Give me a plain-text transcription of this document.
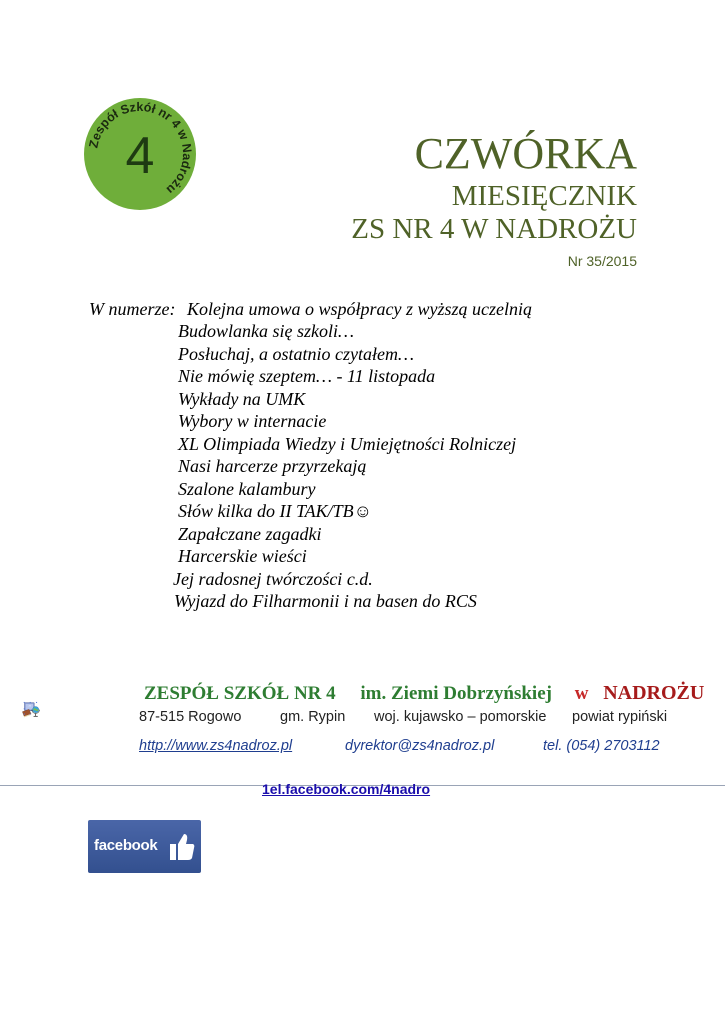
Zespół Szkół nr 4 w Nadrożu
4	CZWÓRKA
MIESIĘCZNIK
ZS NR 4 W NADROŻU
Nr 35/2015
W numerze: Kolejna umowa o współpracy z wyższą uczelnią
Budowlanka się szkoli…
Posłuchaj, a ostatnio czytałem…
Nie mówię szeptem… - 11 listopada
Wykłady na UMK
Wybory w internacie
XL Olimpiada Wiedzy i Umiejętności Rolniczej
Nasi harcerze przyrzekają
Szalone kalambury
Słów kilka do II TAK/TB☺
Zapałczane zagadki
Harcerskie wieści
Jej radosnej twórczości c.d.
Wyjazd do Filharmonii i na basen do RCS
ZS
ZESPÓŁ SZKÓŁ NR 4 im. Ziemi Dobrzyńskiej w NADROŻU
87-515 Rogowo	gm. Rypin woj. kujawsko – pomorskie powiat rypiński
http://www.zs4nadroz.pl	dyrektor@zs4nadroz.pl	tel. (054) 2703112
1el.facebook.com/4nadro
facebook
